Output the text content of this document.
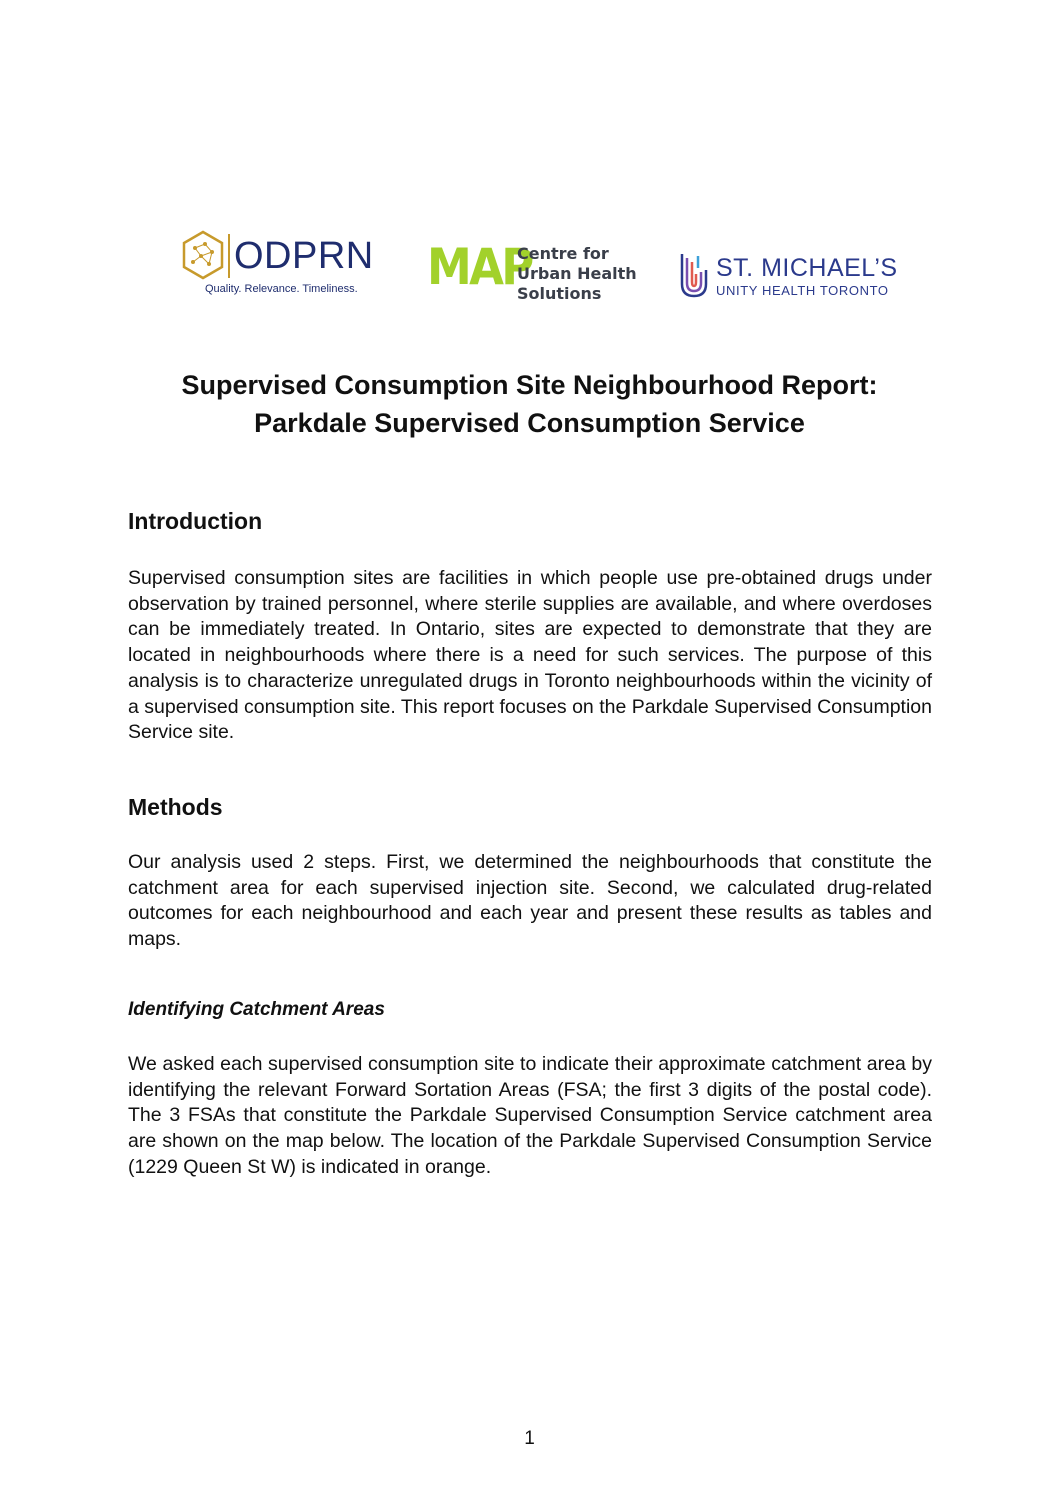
ODPRN
Quality. Relevance. Timeliness. MAP
Centre for
Urban Health
Solutions
ST. MICHAEL’S
UNITY HEALTH TORONTO
Supervised Consumption Site Neighbourhood Report:
Parkdale Supervised Consumption Service
Introduction

Supervised consumption sites are facilities in which people use pre-obtained drugs under observation by trained personnel, where sterile supplies are available, and where overdoses can be immediately treated. In Ontario, sites are expected to demonstrate that they are located in neighbourhoods where there is a need for such services. The purpose of this analysis is to characterize unregulated drugs in Toronto neighbourhoods within the vicinity of a supervised consumption site. This report focuses on the Parkdale Supervised Consumption Service site.

Methods

Our analysis used 2 steps. First, we determined the neighbourhoods that constitute the catchment area for each supervised injection site. Second, we calculated drug-related outcomes for each neighbourhood and each year and present these results as tables and maps.

Identifying Catchment Areas

We asked each supervised consumption site to indicate their approximate catchment area by identifying the relevant Forward Sortation Areas (FSA; the first 3 digits of the postal code). The 3 FSAs that constitute the Parkdale Supervised Consumption Service catchment area are shown on the map below. The location of the Parkdale Supervised Consumption Service (1229 Queen St W) is indicated in orange.

1
